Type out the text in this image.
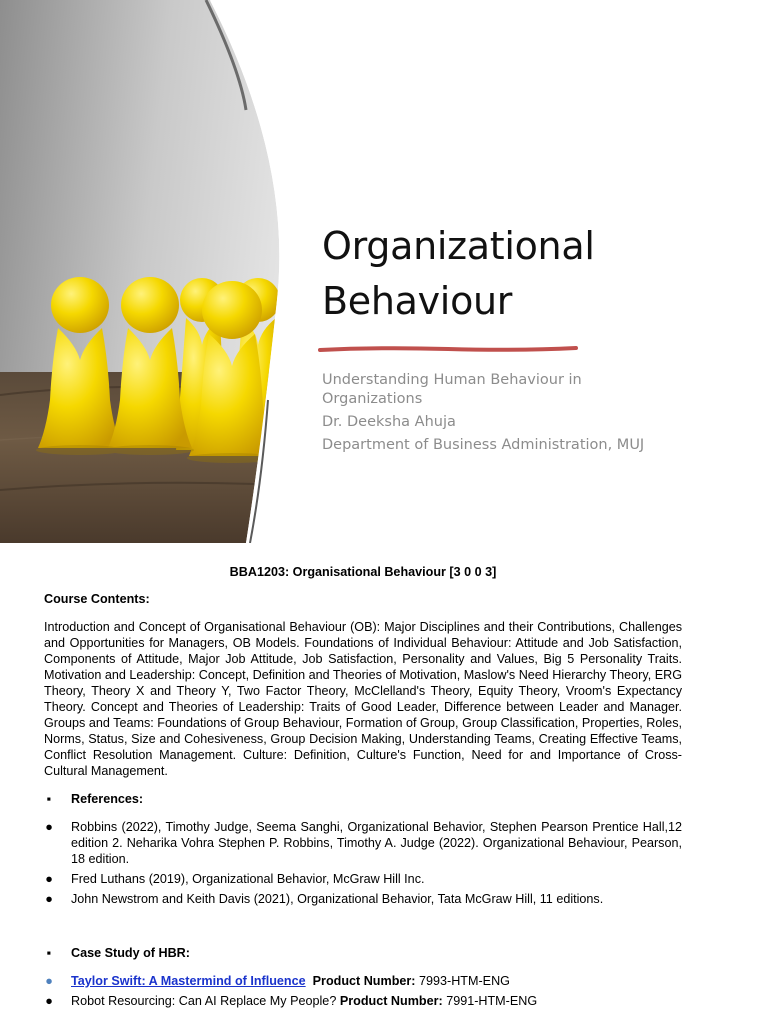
Organizational
Behaviour
Understanding Human Behaviour in
Organizations
Dr. Deeksha Ahuja
Department of Business Administration, MUJ

BBA1203: Organisational Behaviour [3 0 0 3]

Course Contents:

Introduction and Concept of Organisational Behaviour (OB): Major Disciplines and their Contributions, Challenges and Opportunities for Managers, OB Models. Foundations of Individual Behaviour: Attitude and Job Satisfaction, Components of Attitude, Major Job Attitude, Job Satisfaction, Personality and Values, Big 5 Personality Traits. Motivation and Leadership: Concept, Definition and Theories of Motivation, Maslow's Need Hierarchy Theory, ERG Theory, Theory X and Theory Y, Two Factor Theory, McClelland's Theory, Equity Theory, Vroom's Expectancy Theory. Concept and Theories of Leadership: Traits of Good Leader, Difference between Leader and Manager. Groups and Teams: Foundations of Group Behaviour, Formation of Group, Group Classification, Properties, Roles, Norms, Status, Size and Cohesiveness, Group Decision Making, Understanding Teams, Creating Effective Teams, Conflict Resolution Management. Culture: Definition, Culture's Function, Need for and Importance of Cross-Cultural Management.

▪ References:
● Robbins (2022), Timothy Judge, Seema Sanghi, Organizational Behavior, Stephen Pearson Prentice Hall,12 edition 2. Neharika Vohra Stephen P. Robbins, Timothy A. Judge (2022). Organizational Behaviour, Pearson, 18 edition.
● Fred Luthans (2019), Organizational Behavior, McGraw Hill Inc.
● John Newstrom and Keith Davis (2021), Organizational Behavior, Tata McGraw Hill, 11 editions.
▪ Case Study of HBR:
● Taylor Swift: A Mastermind of Influence Product Number: 7993-HTM-ENG
● Robot Resourcing: Can AI Replace My People? Product Number: 7991-HTM-ENG
